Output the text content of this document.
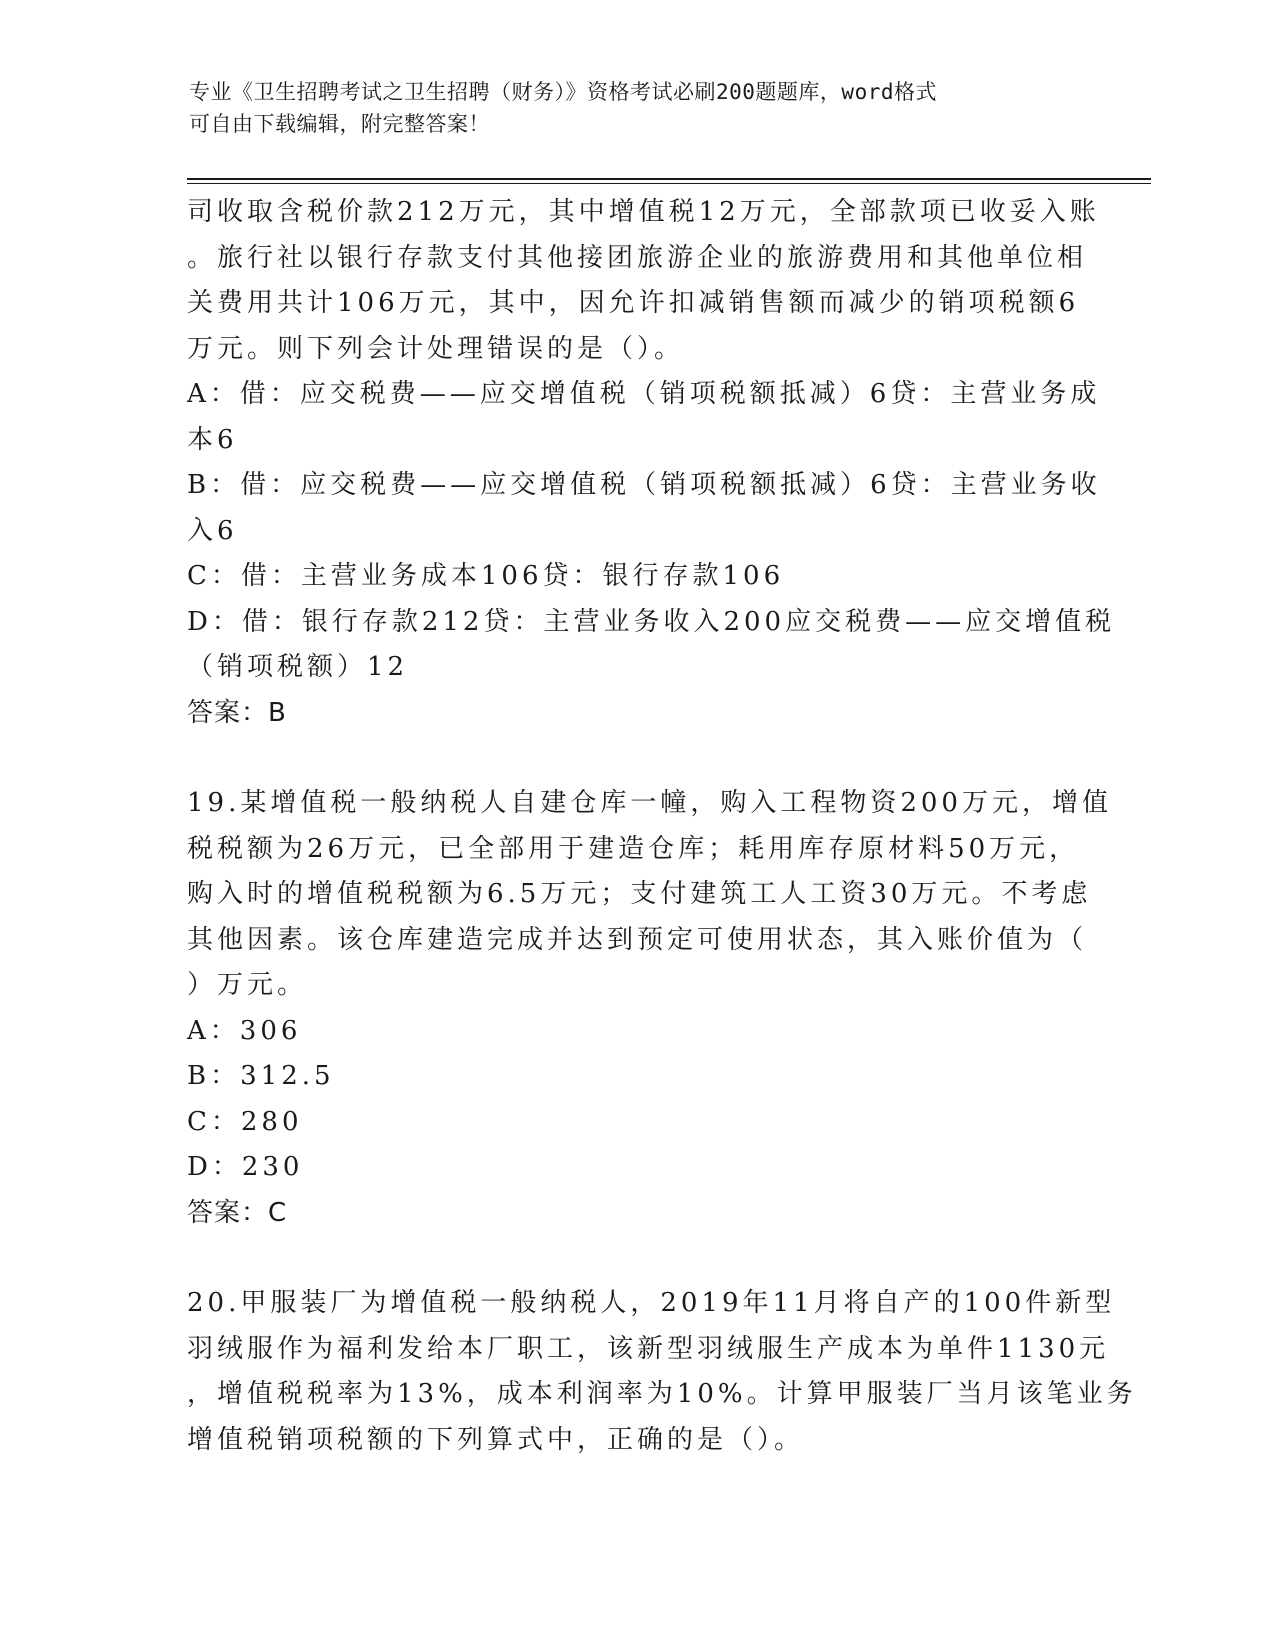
专业《卫生招聘考试之卫生招聘（财务）》资格考试必刷200题题库，word格式
可自由下载编辑，附完整答案！
司收取含税价款212万元，其中增值税12万元，全部款项已收妥入账
。旅行社以银行存款支付其他接团旅游企业的旅游费用和其他单位相
关费用共计106万元，其中，因允许扣减销售额而减少的销项税额6
万元。则下列会计处理错误的是（）。
A：借：应交税费——应交增值税（销项税额抵减）6贷：主营业务成
本6
B：借：应交税费——应交增值税（销项税额抵减）6贷：主营业务收
入6
C：借：主营业务成本106贷：银行存款106
D：借：银行存款212贷：主营业务收入200应交税费——应交增值税
（销项税额）12
答案：B
19.某增值税一般纳税人自建仓库一幢，购入工程物资200万元，增值
税税额为26万元，已全部用于建造仓库；耗用库存原材料50万元，
购入时的增值税税额为6.5万元；支付建筑工人工资30万元。不考虑
其他因素。该仓库建造完成并达到预定可使用状态，其入账价值为（
）万元。
A：306
B：312.5
C：280
D：230
答案：C
20.甲服装厂为增值税一般纳税人，2019年11月将自产的100件新型
羽绒服作为福利发给本厂职工，该新型羽绒服生产成本为单件1130元
，增值税税率为13%，成本利润率为10%。计算甲服装厂当月该笔业务
增值税销项税额的下列算式中，正确的是（）。
